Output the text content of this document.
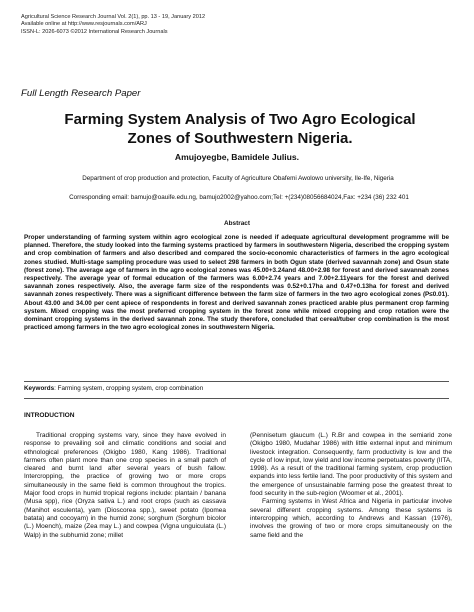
Agricultural Science Research Journal Vol. 2(1), pp. 13 - 19, January 2012
Available online at http://www.resjournals.com/ARJ
ISSN-L: 2026-6073 ©2012 International Research Journals
Full Length Research Paper
Farming System Analysis of Two Agro Ecological Zones of Southwestern Nigeria.
Amujoyegbe, Bamidele Julius.
Department of crop production and protection, Faculty of Agriculture Obafemi Awolowo university, Ile-Ife, Nigeria
Corresponding email: bamujo@oauife.edu.ng, bamujo2002@yahoo.com;Tel: +(234)08056684024,Fax: +234 (36) 232 401
Abstract
Proper understanding of farming system within agro ecological zone is needed if adequate agricultural development programme will be planned. Therefore, the study looked into the farming systems practiced by farmers in southwestern Nigeria, described the cropping system and crop combination of farmers and also described and compared the socio-economic characteristics of farmers in the agro ecological zones studied. Multi-stage sampling procedure was used to select 298 farmers in both Ogun state (derived savannah zone) and Osun state (forest zone). The average age of farmers in the agro ecological zones was 45.00+3.24and 48.00+2.98 for forest and derived savannah zones respectively. The average year of formal education of the farmers was 6.00+2.74 years and 7.00+2.11years for the forest and derived savannah zones respectively. Also, the average farm size of the respondents was 0.52+0.17ha and 0.47+0.13ha for forest and derived savannah zones respectively. There was a significant difference between the farm size of farmers in the two agro ecological zones (P≤0.01). About 43.00 and 34.00 per cent apiece of respondents in forest and derived savannah zones practiced arable plus permanent crop farming system. Mixed cropping was the most preferred cropping system in the forest zone while mixed cropping and crop rotation were the dominant cropping systems in the derived savannah zone. The study therefore, concluded that cereal/tuber crop combination is the most practiced among farmers in the two agro ecological zones in southwestern Nigeria.
Keywords: Farming system, cropping system, crop combination
INTRODUCTION

Traditional cropping systems vary, since they have evolved in response to prevailing soil and climatic conditions and social and ethnological preferences (Okigbo 1980, Kang 1986). Traditional farmers often plant more than one crop species in a small patch of cleared and burnt land after several years of bush fallow. Intercropping, the practice of growing two or more crops simultaneously in the same field is common throughout the tropics. Major food crops in humid tropical regions include: plantain / banana (Musa spp), rice (Oryza sativa L.) and root crops (such as cassava (Manihot esculenta), yam (Dioscorea spp.), sweet potato (Ipomea batata) and cocoyam) in the humid zone; sorghum (Sorghum bicolor (L.) Moench), maize (Zea may L.) and cowpea (Vigna unguiculata (L.) Walp) in the subhumid zone; millet

(Pennisetum glaucum (L.) R.Br and cowpea in the semiarid zone (Okigbo 1980, Mudahar 1986) with little external input and minimum livestock integration. Consequently, farm productivity is low and the cycle of low input, low yield and low income perpetuates poverty (IITA, 1998). As a result of the traditional farming system, crop production expands into less fertile land. The poor productivity of this system and the emergence of unsustainable farming pose the greatest threat to food security in the sub-region (Woomer et al., 2001).

Farming systems in West Africa and Nigeria in particular involve several different cropping systems. Among these systems is intercropping which, according to Andrews and Kassan (1976), involves the growing of two or more crops simultaneously on the same field and the
